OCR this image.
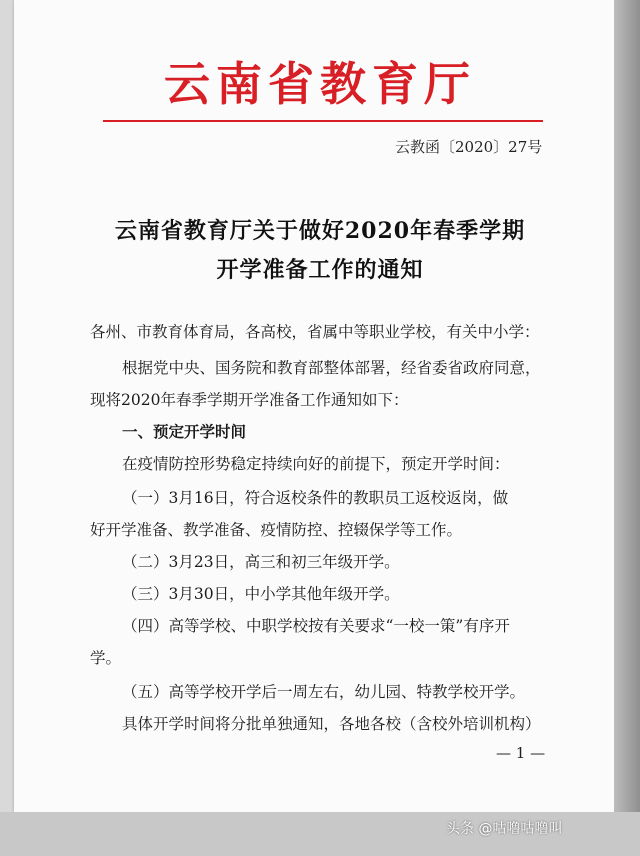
云南省教育厅
云教函〔2020〕27号
云南省教育厅关于做好2020年春季学期
开学准备工作的通知
各州、市教育体育局，各高校，省属中等职业学校，有关中小学：
根据党中央、国务院和教育部整体部署，经省委省政府同意，
现将2020年春季学期开学准备工作通知如下：
一、预定开学时间
在疫情防控形势稳定持续向好的前提下，预定开学时间：
（一）3月16日，符合返校条件的教职员工返校返岗，做
好开学准备、教学准备、疫情防控、控辍保学等工作。
（二）3月23日，高三和初三年级开学。
（三）3月30日，中小学其他年级开学。
（四）高等学校、中职学校按有关要求“一校一策”有序开
学。
（五）高等学校开学后一周左右，幼儿园、特教学校开学。
具体开学时间将分批单独通知，各地各校（含校外培训机构）
— 1 —
头条 @咕噜咕噜叫
